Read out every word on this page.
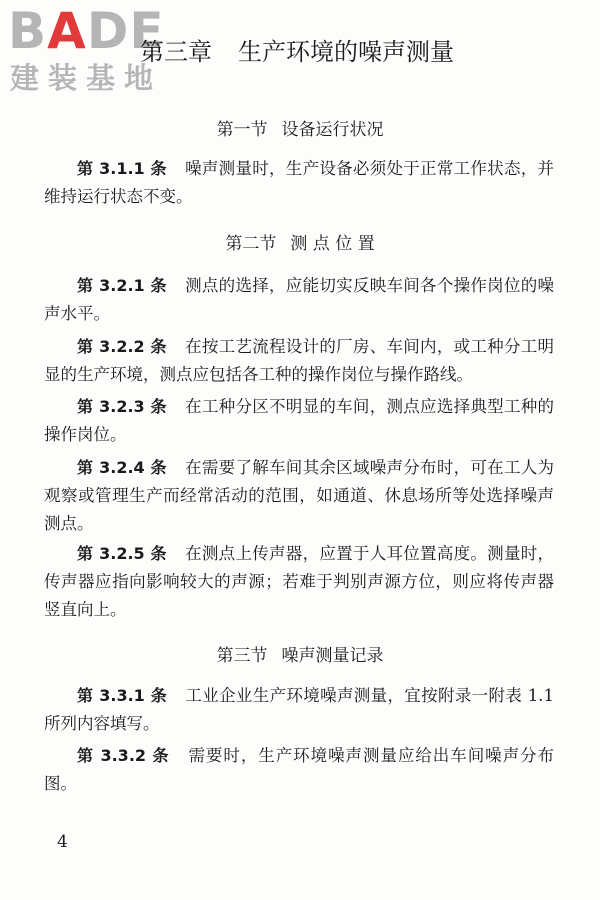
BADE
建装基地
第三章 生产环境的噪声测量
第一节 设备运行状况
第 3.1.1 条 噪声测量时，生产设备必须处于正常工作状态，并维持运行状态不变。
第二节 测 点 位 置
第 3.2.1 条 测点的选择，应能切实反映车间各个操作岗位的噪声水平。
第 3.2.2 条 在按工艺流程设计的厂房、车间内，或工种分工明显的生产环境，测点应包括各工种的操作岗位与操作路线。
第 3.2.3 条 在工种分区不明显的车间，测点应选择典型工种的操作岗位。
第 3.2.4 条 在需要了解车间其余区域噪声分布时，可在工人为观察或管理生产而经常活动的范围，如通道、休息场所等处选择噪声测点。
第 3.2.5 条 在测点上传声器，应置于人耳位置高度。测量时，传声器应指向影响较大的声源；若难于判别声源方位，则应将传声器竖直向上。
第三节 噪声测量记录
第 3.3.1 条 工业企业生产环境噪声测量，宜按附录一附表 1.1 所列内容填写。
第 3.3.2 条 需要时，生产环境噪声测量应给出车间噪声分布图。
4
